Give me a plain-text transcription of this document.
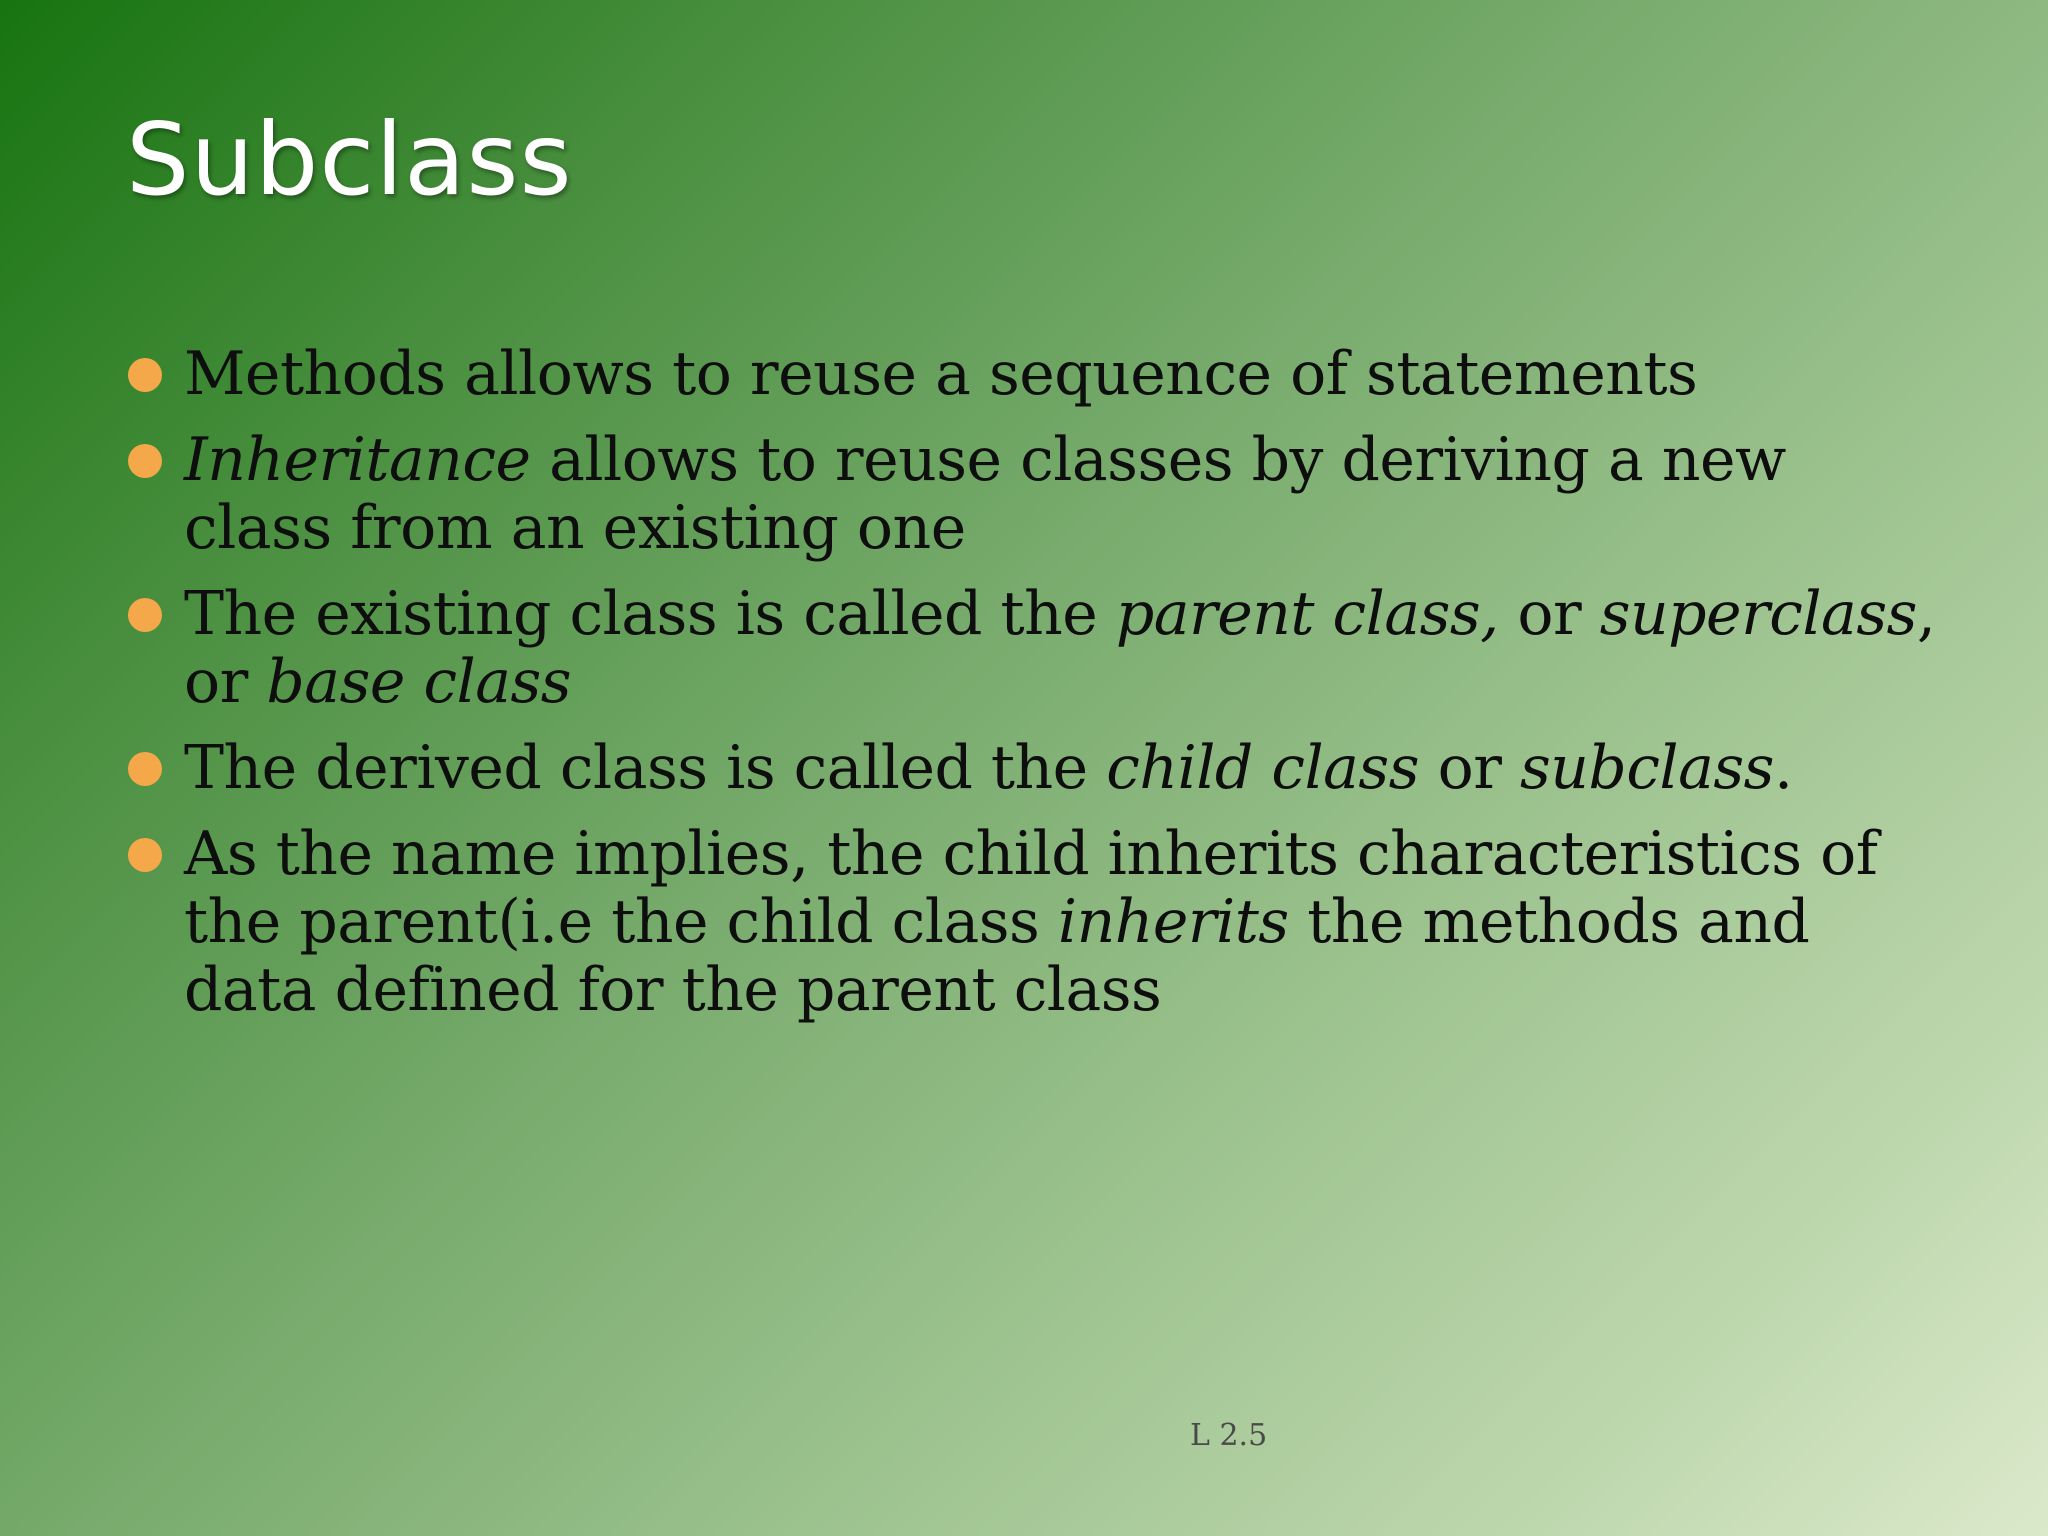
Subclass
Methods allows to reuse a sequence of statements
Inheritance allows to reuse classes by deriving a new class from an existing one
The existing class is called the parent class, or superclass, or base class
The derived class is called the child class or subclass.
As the name implies, the child inherits characteristics of the parent(i.e the child class inherits the methods and data defined for the parent class
L 2.5
